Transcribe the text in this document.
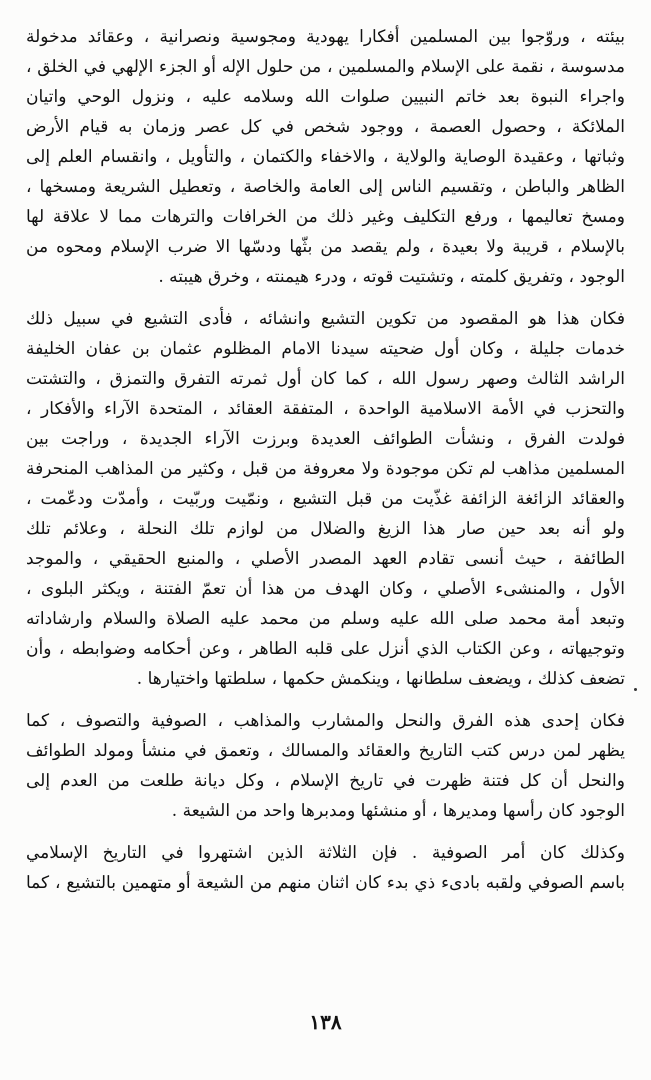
بيئته ، وروّجوا بين المسلمين أفكارا يهودية ومجوسية ونصرانية ، وعقائد مدخولة
مدسوسة ، نقمة على الإسلام والمسلمين ، من حلول الإله أو الجزء الإلهي في الخلق ،
واجراء النبوة بعد خاتم النبيين صلوات الله وسلامه عليه ، ونزول الوحي واتيان
الملائكة ، وحصول العصمة ، ووجود شخص في كل عصر وزمان به قيام الأرض
وثباتها ، وعقيدة الوصاية والولاية ، والاخفاء والكتمان ، والتأويل ، وانقسام العلم إلى
الظاهر والباطن ، وتقسيم الناس إلى العامة والخاصة ، وتعطيل الشريعة ومسخها ،
ومسخ تعاليمها ، ورفع التكليف وغير ذلك من الخرافات والترهات مما لا علاقة لها
بالإسلام ، قريبة ولا بعيدة ، ولم يقصد من بثّها ودسّها الا ضرب الإسلام ومحوه من
الوجود ، وتفريق كلمته ، وتشتيت قوته ، ودرء هيمنته ، وخرق هيبته .
فكان هذا هو المقصود من تكوين التشيع وانشائه ، فأدى التشيع في سبيل ذلك
خدمات جليلة ، وكان أول ضحيته سيدنا الامام المظلوم عثمان بن عفان الخليفة
الراشد الثالث وصهر رسول الله ، كما كان أول ثمرته التفرق والتمزق ، والتشتت
والتحزب في الأمة الاسلامية الواحدة ، المتفقة العقائد ، المتحدة الآراء والأفكار ،
فولدت الفرق ، ونشأت الطوائف العديدة وبرزت الآراء الجديدة ، وراجت بين
المسلمين مذاهب لم تكن موجودة ولا معروفة من قبل ، وكثير من المذاهب المنحرفة
والعقائد الزائغة الزائفة غذّيت من قبل التشيع ، ونمّيت وربّيت ، وأمدّت ودعّمت ،
ولو أنه بعد حين صار هذا الزيغ والضلال من لوازم تلك النحلة ، وعلائم تلك
الطائفة ، حيث أنسى تقادم العهد المصدر الأصلي ، والمنبع الحقيقي ، والموجد
الأول ، والمنشىء الأصلي ، وكان الهدف من هذا أن تعمّ الفتنة ، ويكثر البلوى ،
وتبعد أمة محمد صلى الله عليه وسلم من محمد عليه الصلاة والسلام وارشاداته
وتوجيهاته ، وعن الكتاب الذي أنزل على قلبه الطاهر ، وعن أحكامه وضوابطه ، وأن
تضعف كذلك ، ويضعف سلطانها ، وينكمش حكمها ، سلطتها واختيارها .
فكان إحدى هذه الفرق والنحل والمشارب والمذاهب ، الصوفية والتصوف ، كما
يظهر لمن درس كتب التاريخ والعقائد والمسالك ، وتعمق في منشأ ومولد الطوائف
والنحل أن كل فتنة ظهرت في تاريخ الإسلام ، وكل ديانة طلعت من العدم إلى
الوجود كان رأسها ومديرها ، أو منشئها ومدبرها واحد من الشيعة .
وكذلك كان أمر الصوفية . فإن الثلاثة الذين اشتهروا في التاريخ الإسلامي
باسم الصوفي ولقبه بادىء ذي بدء كان اثنان منهم من الشيعة أو متهمين بالتشيع ، كما
١٣٨
